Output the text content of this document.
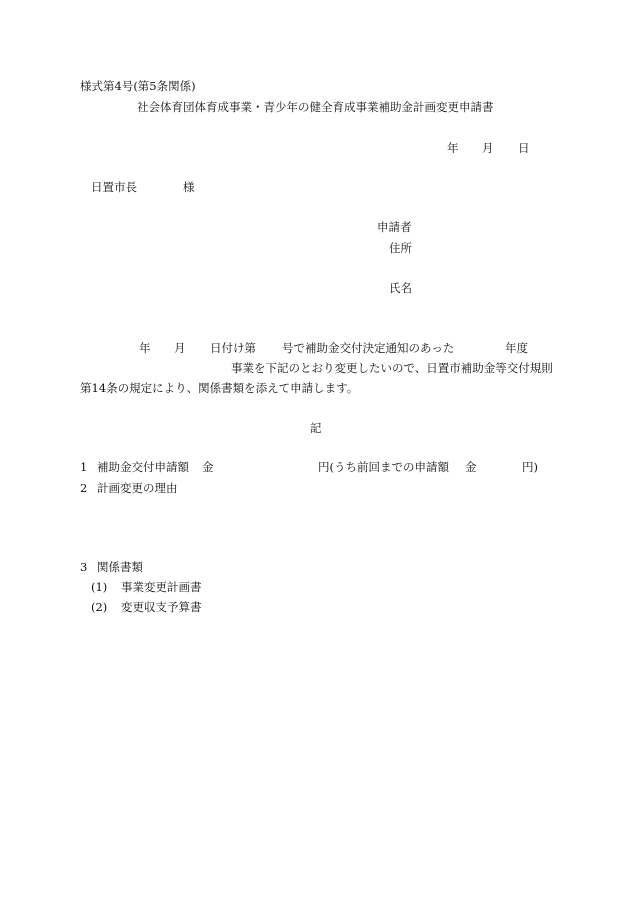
様式第4号(第5条関係)
社会体育団体育成事業・青少年の健全育成事業補助金計画変更申請書
年 月 日
日置市長	様
申請者
住所
氏名
年 月 日付け第 号で補助金交付決定通知のあった	年度
事業を下記のとおり変更したいので、日置市補助金等交付規則
第14条の規定により、関係書類を添えて申請します。
記
1 補助金交付申請額 金	円(うち前回までの申請額 金	円)
2 計画変更の理由
3 関係書類
(1) 事業変更計画書
(2) 変更収支予算書
